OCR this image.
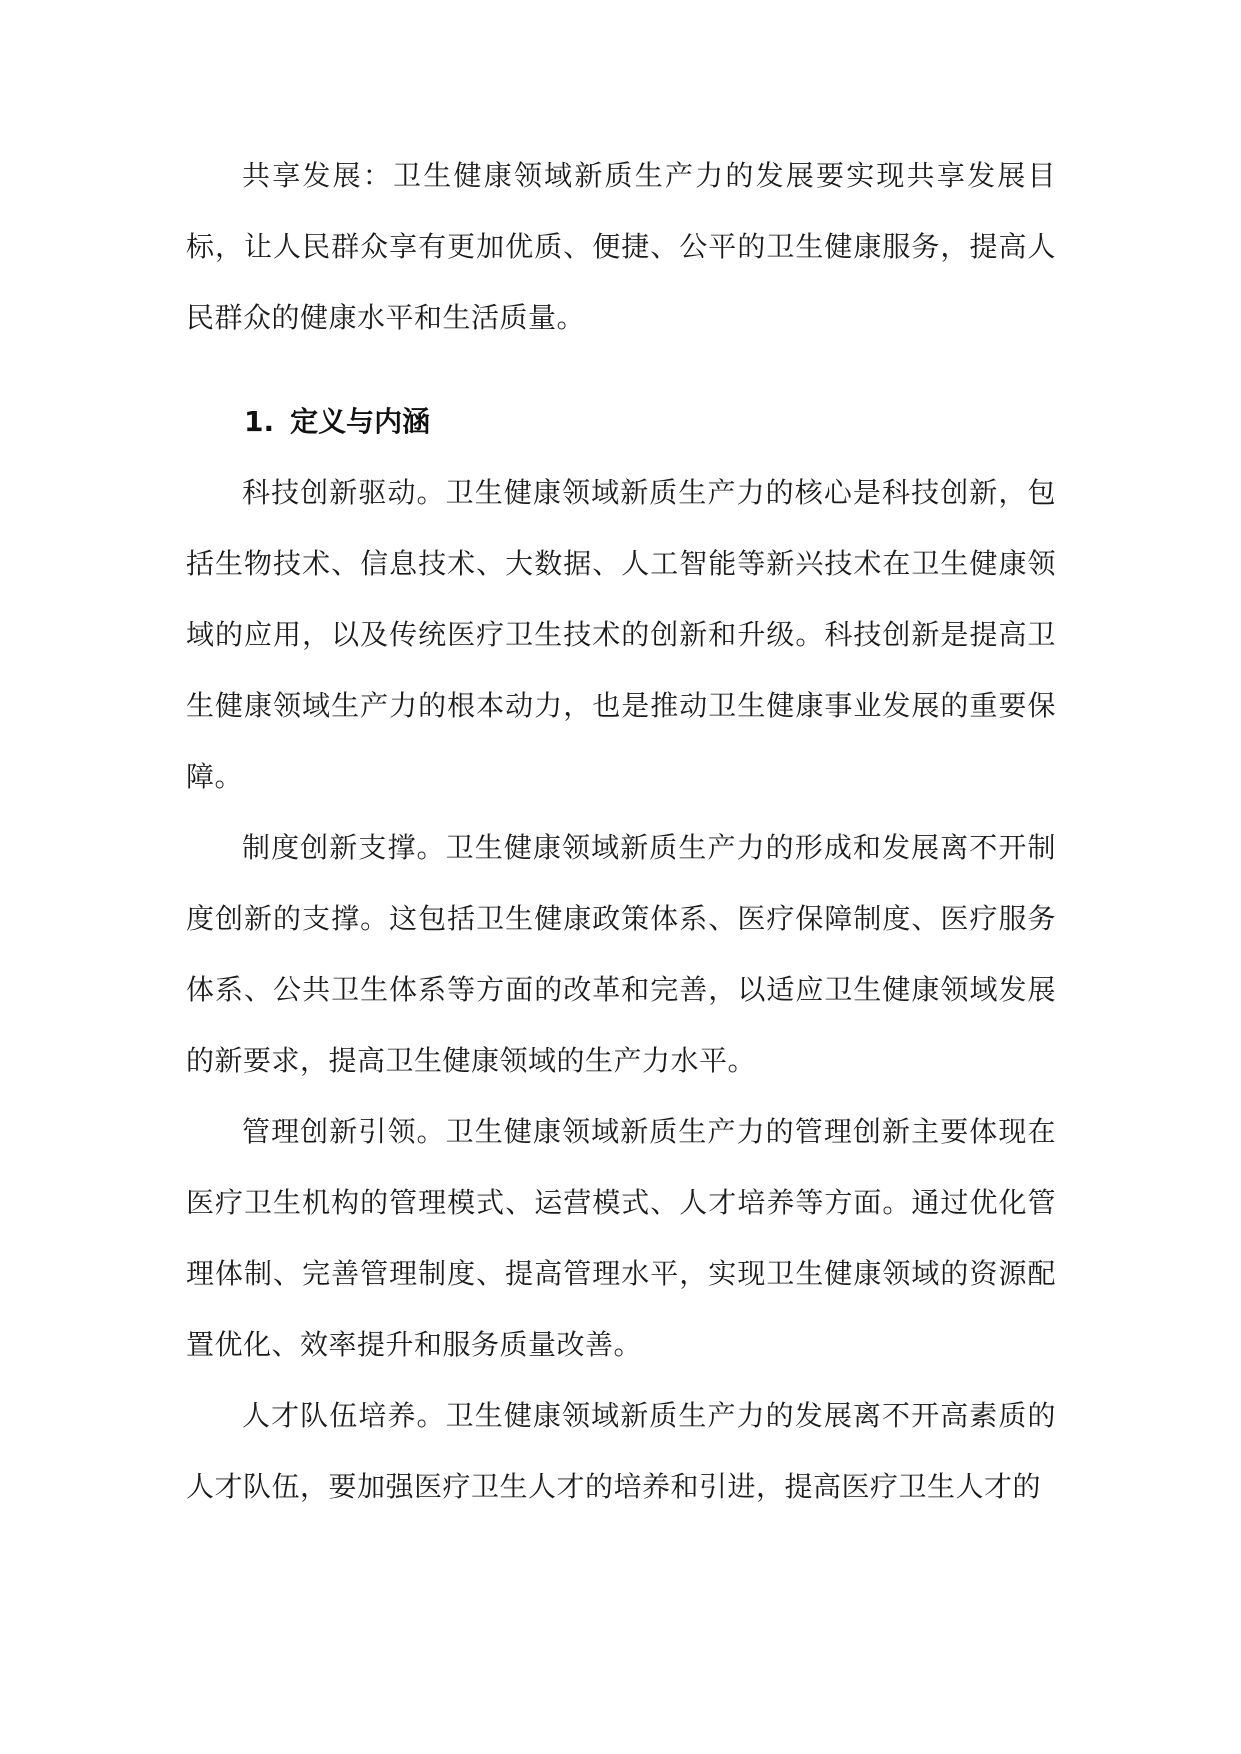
共享发展：卫生健康领域新质生产力的发展要实现共享发展目标，让人民群众享有更加优质、便捷、公平的卫生健康服务，提高人民群众的健康水平和生活质量。

1. 定义与内涵

科技创新驱动。卫生健康领域新质生产力的核心是科技创新，包括生物技术、信息技术、大数据、人工智能等新兴技术在卫生健康领域的应用，以及传统医疗卫生技术的创新和升级。科技创新是提高卫生健康领域生产力的根本动力，也是推动卫生健康事业发展的重要保障。

制度创新支撑。卫生健康领域新质生产力的形成和发展离不开制度创新的支撑。这包括卫生健康政策体系、医疗保障制度、医疗服务体系、公共卫生体系等方面的改革和完善，以适应卫生健康领域发展的新要求，提高卫生健康领域的生产力水平。

管理创新引领。卫生健康领域新质生产力的管理创新主要体现在医疗卫生机构的管理模式、运营模式、人才培养等方面。通过优化管理体制、完善管理制度、提高管理水平，实现卫生健康领域的资源配置优化、效率提升和服务质量改善。

人才队伍培养。卫生健康领域新质生产力的发展离不开高素质的人才队伍，要加强医疗卫生人才的培养和引进，提高医疗卫生人才的
